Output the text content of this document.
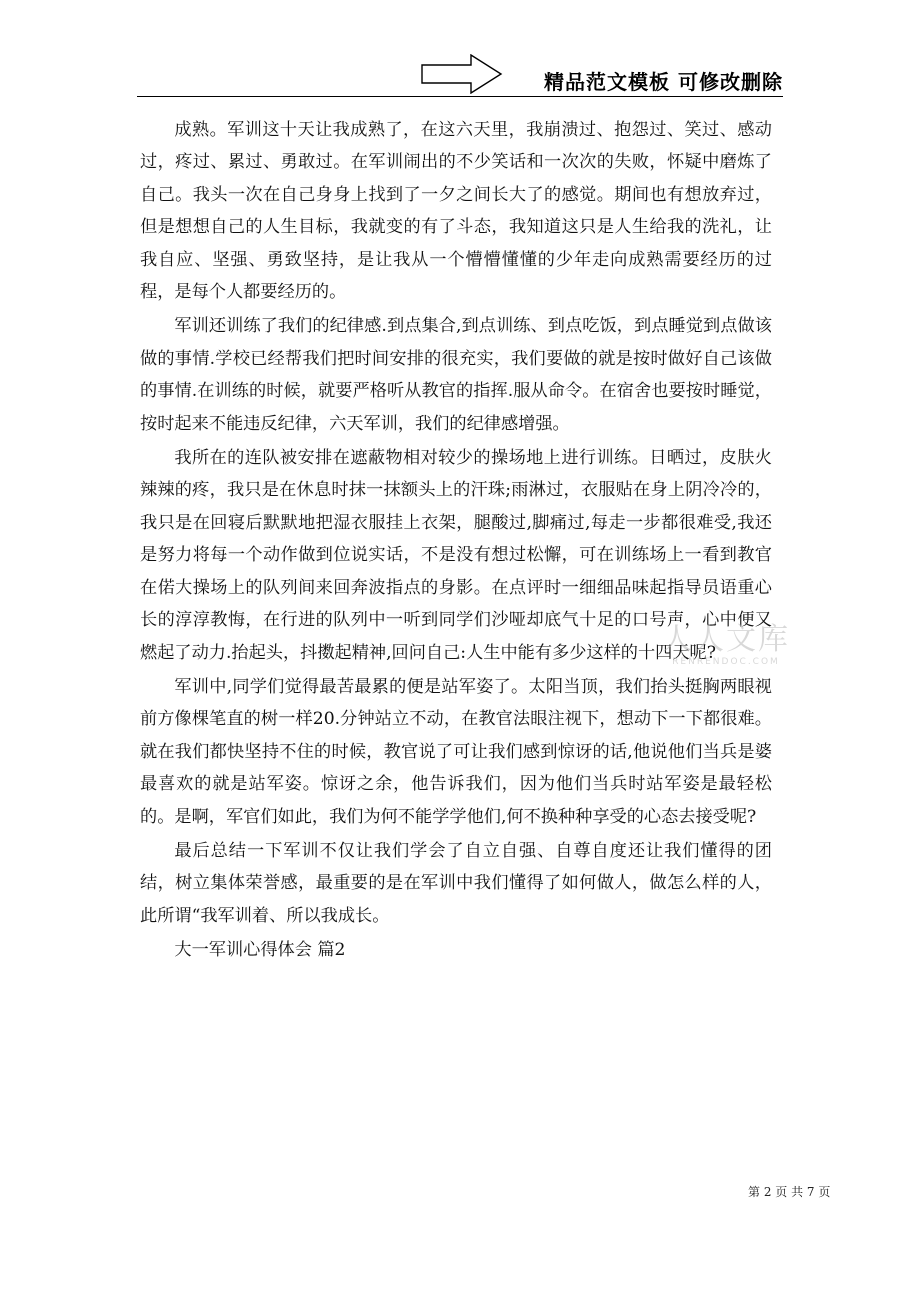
精品范文模板 可修改删除

成熟。军训这十天让我成熟了，在这六天里，我崩溃过、抱怨过、笑过、感动过，疼过、累过、勇敢过。在军训闹出的不少笑话和一次次的失败，怀疑中磨炼了自己。我头一次在自己身身上找到了一夕之间长大了的感觉。期间也有想放弃过，但是想想自己的人生目标，我就变的有了斗态，我知道这只是人生给我的洗礼，让我自应、坚强、勇致坚持，是让我从一个懵懵懂懂的少年走向成熟需要经历的过程，是每个人都要经历的。

军训还训练了我们的纪律感.到点集合,到点训练、到点吃饭，到点睡觉到点做该做的事情.学校已经帮我们把时间安排的很充实，我们要做的就是按时做好自己该做的事情.在训练的时候，就要严格听从教官的指挥.服从命令。在宿舍也要按时睡觉，按时起来不能违反纪律，六天军训，我们的纪律感增强。

我所在的连队被安排在遮蔽物相对较少的操场地上进行训练。日晒过，皮肤火辣辣的疼，我只是在休息时抹一抹额头上的汗珠;雨淋过，衣服贴在身上阴冷冷的，我只是在回寝后默默地把湿衣服挂上衣架，腿酸过,脚痛过,每走一步都很难受,我还是努力将每一个动作做到位说实话，不是没有想过松懈，可在训练场上一看到教官在偌大操场上的队列间来回奔波指点的身影。在点评时一细细品味起指导员语重心长的淳淳教悔，在行进的队列中一听到同学们沙哑却底气十足的口号声，心中便又燃起了动力.抬起头，抖擞起精神,回问自己:人生中能有多少这样的十四天呢?

军训中,同学们觉得最苦最累的便是站军姿了。太阳当顶，我们抬头挺胸两眼视前方像棵笔直的树一样20.分钟站立不动，在教官法眼注视下，想动下一下都很难。就在我们都快坚持不住的时候，教官说了可让我们感到惊讶的话,他说他们当兵是婆最喜欢的就是站军姿。惊讶之余，他告诉我们，因为他们当兵时站军姿是最轻松的。是啊，军官们如此，我们为何不能学学他们,何不换种种享受的心态去接受呢?

最后总结一下军训不仅让我们学会了自立自强、自尊自度还让我们懂得的团结，树立集体荣誉感，最重要的是在军训中我们懂得了如何做人，做怎么样的人，此所谓“我军训着、所以我成长。

大一军训心得体会 篇2

人人文库
RENRENDOC.COM
第 2 页 共 7 页
